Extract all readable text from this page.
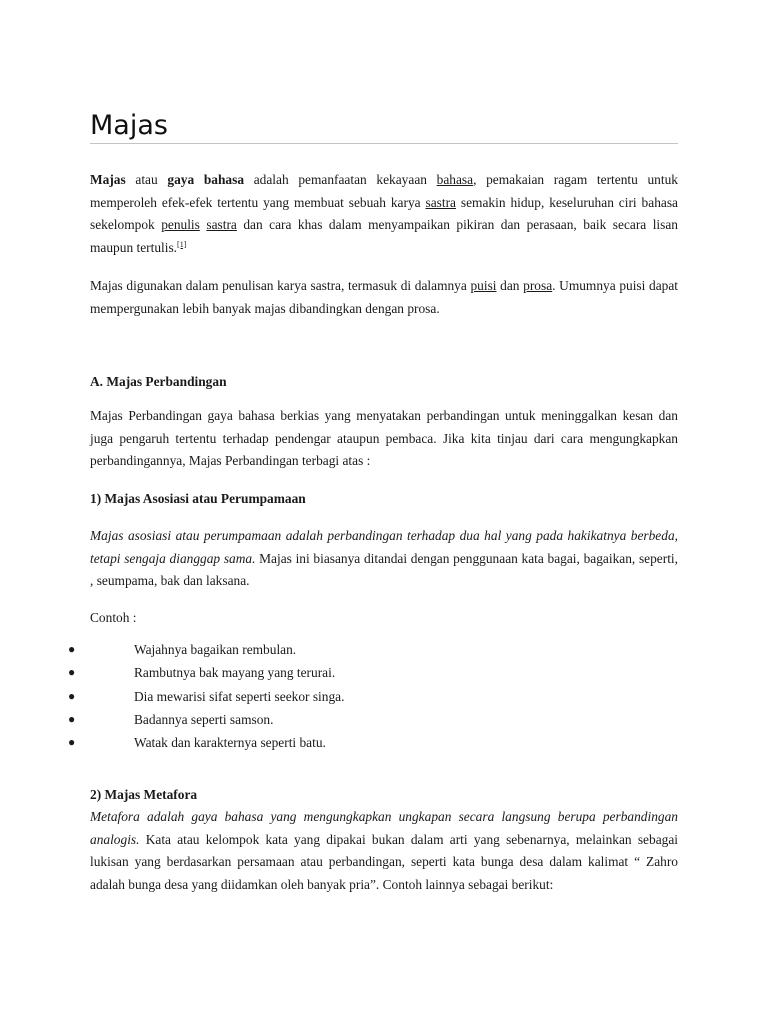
Majas

Majas atau gaya bahasa adalah pemanfaatan kekayaan bahasa, pemakaian ragam tertentu untuk memperoleh efek-efek tertentu yang membuat sebuah karya sastra semakin hidup, keseluruhan ciri bahasa sekelompok penulis sastra dan cara khas dalam menyampaikan pikiran dan perasaan, baik secara lisan maupun tertulis.[1]

Majas digunakan dalam penulisan karya sastra, termasuk di dalamnya puisi dan prosa. Umumnya puisi dapat mempergunakan lebih banyak majas dibandingkan dengan prosa.

A. Majas Perbandingan

Majas Perbandingan gaya bahasa berkias yang menyatakan perbandingan untuk meninggalkan kesan dan juga pengaruh tertentu terhadap pendengar ataupun pembaca. Jika kita tinjau dari cara mengungkapkan perbandingannya, Majas Perbandingan terbagi atas :

1) Majas Asosiasi atau Perumpamaan

Majas asosiasi atau perumpamaan adalah perbandingan terhadap dua hal yang pada hakikatnya berbeda, tetapi sengaja dianggap sama. Majas ini biasanya ditandai dengan penggunaan kata bagai, bagaikan, seperti, , seumpama, bak dan laksana.

Contoh :

●	Wajahnya bagaikan rembulan.
●	Rambutnya bak mayang yang terurai.
●	Dia mewarisi sifat seperti seekor singa.
●	Badannya seperti samson.
●	Watak dan karakternya seperti batu.

2) Majas Metafora

Metafora adalah gaya bahasa yang mengungkapkan ungkapan secara langsung berupa perbandingan analogis. Kata atau kelompok kata yang dipakai bukan dalam arti yang sebenarnya, melainkan sebagai lukisan yang berdasarkan persamaan atau perbandingan, seperti kata bunga desa dalam kalimat “ Zahro adalah bunga desa yang diidamkan oleh banyak pria”. Contoh lainnya sebagai berikut:
